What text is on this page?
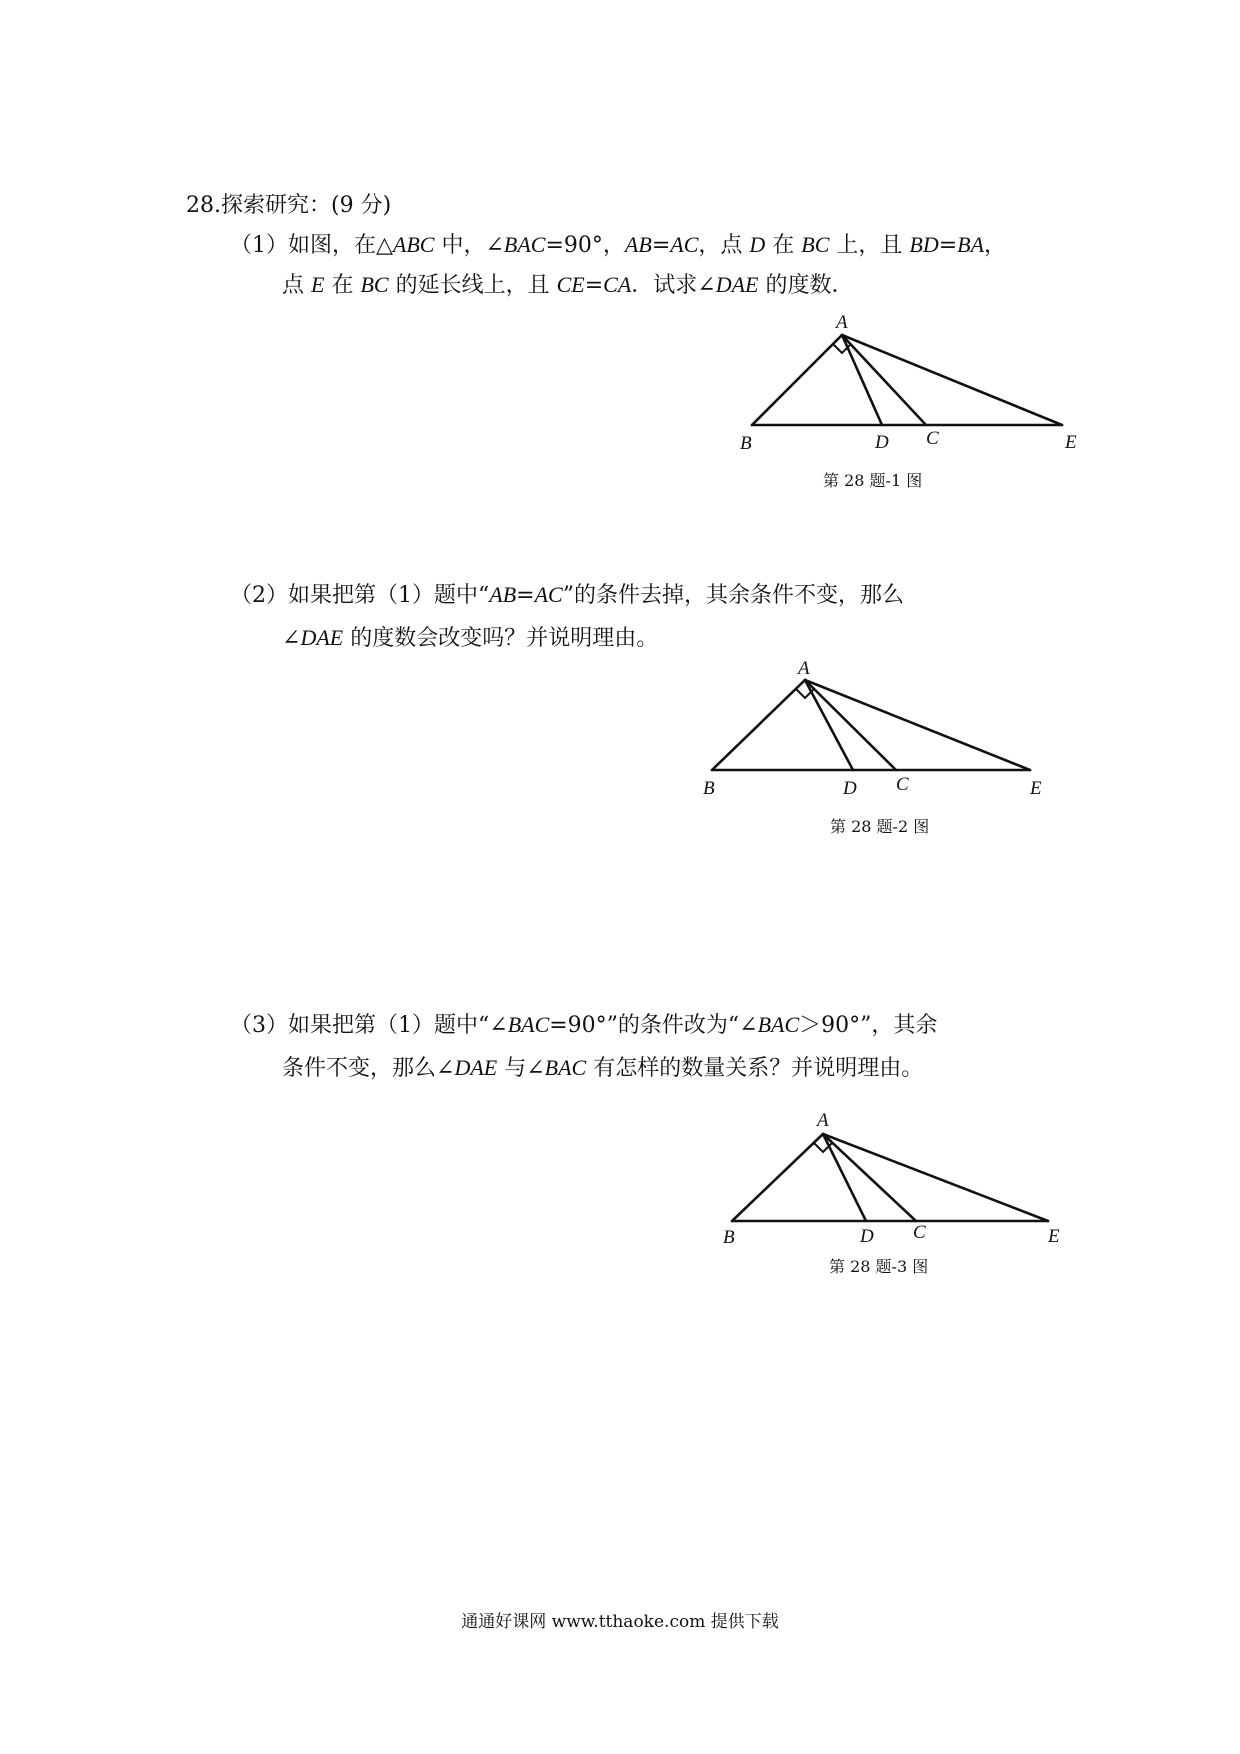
28.探索研究：(9 分)
（1）如图，在△ABC 中，∠BAC=90°，AB=AC，点 D 在 BC 上，且 BD=BA，
点 E 在 BC 的延长线上，且 CE=CA．试求∠DAE 的度数．
A
B	D C	E
第 28 题-1 图
（2）如果把第（1）题中“AB=AC”的条件去掉，其余条件不变，那么
∠DAE 的度数会改变吗？并说明理由。
A
B	D C	E
第 28 题-2 图
（3）如果把第（1）题中“∠BAC=90°”的条件改为“∠BAC＞90°”，其余
条件不变，那么∠DAE 与∠BAC 有怎样的数量关系？并说明理由。
A
B	D C	E
第 28 题-3 图
通通好课网 www.tthaoke.com 提供下载
